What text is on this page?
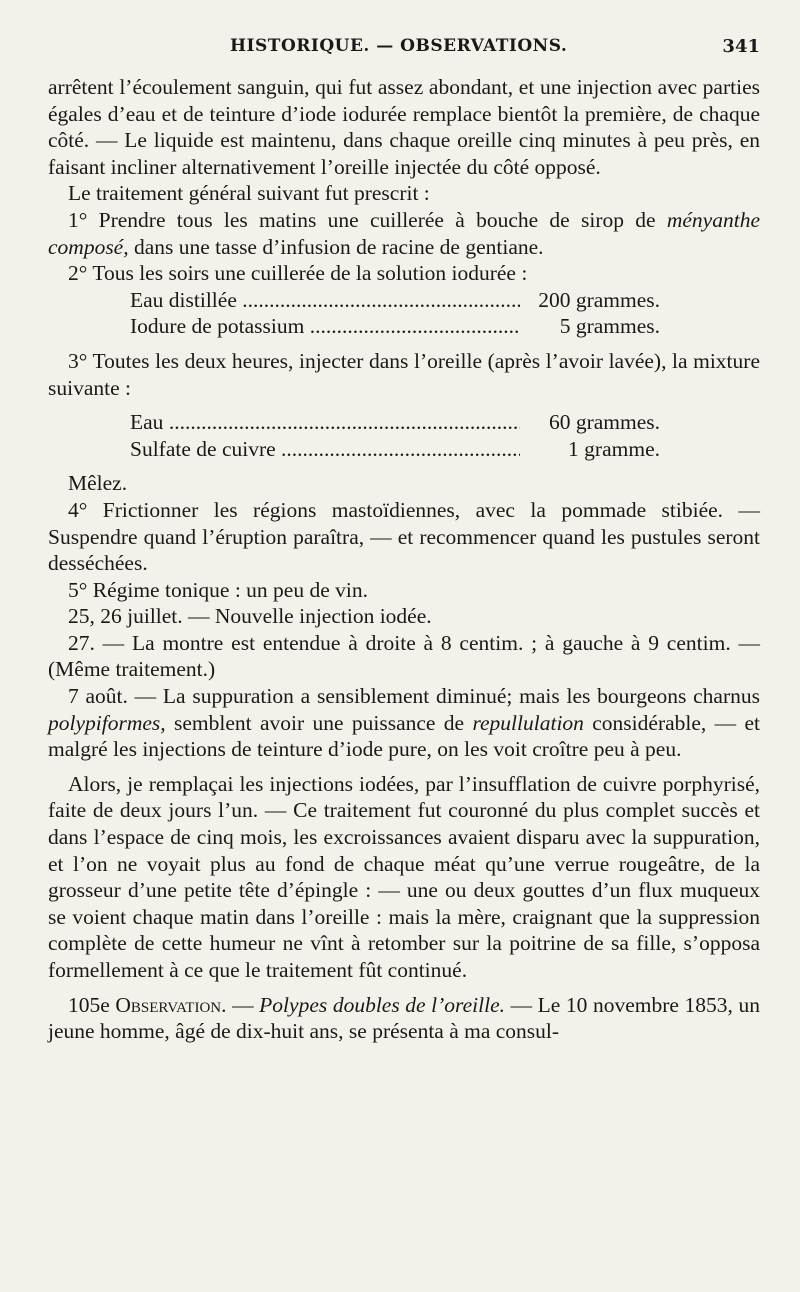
HISTORIQUE. — OBSERVATIONS.	341

arrêtent l’écoulement sanguin, qui fut assez abondant, et une injection avec parties égales d’eau et de teinture d’iode iodurée remplace bientôt la première, de chaque côté. — Le liquide est maintenu, dans chaque oreille cinq minutes à peu près, en faisant incliner alternativement l’oreille injectée du côté opposé.

Le traitement général suivant fut prescrit :

1° Prendre tous les matins une cuillerée à bouche de sirop de ményanthe composé, dans une tasse d’infusion de racine de gentiane.

2° Tous les soirs une cuillerée de la solution iodurée :

Eau distillée .....	200 grammes.
Iodure de potassium .....	5 grammes.

3° Toutes les deux heures, injecter dans l’oreille (après l’avoir lavée), la mixture suivante :

Eau .....	60 grammes.
Sulfate de cuivre .....	1 gramme.

Mêlez.

4° Frictionner les régions mastoïdiennes, avec la pommade stibiée. — Suspendre quand l’éruption paraîtra, — et recommencer quand les pustules seront desséchées.

5° Régime tonique : un peu de vin.

25, 26 juillet. — Nouvelle injection iodée.

27. — La montre est entendue à droite à 8 centim. ; à gauche à 9 centim. — (Même traitement.)

7 août. — La suppuration a sensiblement diminué; mais les bourgeons charnus polypiformes, semblent avoir une puissance de repullulation considérable, — et malgré les injections de teinture d’iode pure, on les voit croître peu à peu.

Alors, je remplaçai les injections iodées, par l’insufflation de cuivre porphyrisé, faite de deux jours l’un. — Ce traitement fut couronné du plus complet succès et dans l’espace de cinq mois, les excroissances avaient disparu avec la suppuration, et l’on ne voyait plus au fond de chaque méat qu’une verrue rougeâtre, de la grosseur d’une petite tête d’épingle : — une ou deux gouttes d’un flux muqueux se voient chaque matin dans l’oreille : mais la mère, craignant que la suppression complète de cette humeur ne vînt à retomber sur la poitrine de sa fille, s’opposa formellement à ce que le traitement fût continué.

105e Observation. — Polypes doubles de l’oreille. — Le 10 novembre 1853, un jeune homme, âgé de dix-huit ans, se présenta à ma consul-
